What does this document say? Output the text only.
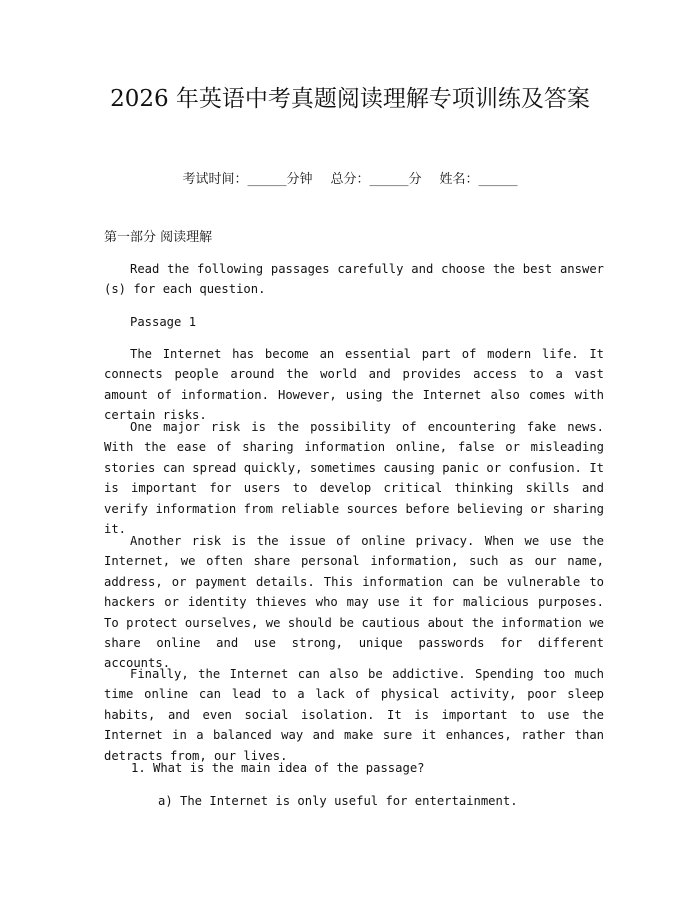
2026 年英语中考真题阅读理解专项训练及答案
考试时间：______分钟 总分：______分 姓名：______
第一部分 阅读理解
Read the following passages carefully and choose the best answer (s) for each question.
Passage 1
The Internet has become an essential part of modern life. It connects people around the world and provides access to a vast amount of information. However, using the Internet also comes with certain risks.
One major risk is the possibility of encountering fake news. With the ease of sharing information online, false or misleading stories can spread quickly, sometimes causing panic or confusion. It is important for users to develop critical thinking skills and verify information from reliable sources before believing or sharing it.
Another risk is the issue of online privacy. When we use the Internet, we often share personal information, such as our name, address, or payment details. This information can be vulnerable to hackers or identity thieves who may use it for malicious purposes. To protect ourselves, we should be cautious about the information we share online and use strong, unique passwords for different accounts.
Finally, the Internet can also be addictive. Spending too much time online can lead to a lack of physical activity, poor sleep habits, and even social isolation. It is important to use the Internet in a balanced way and make sure it enhances, rather than detracts from, our lives.
1. What is the main idea of the passage?
a) The Internet is only useful for entertainment.
